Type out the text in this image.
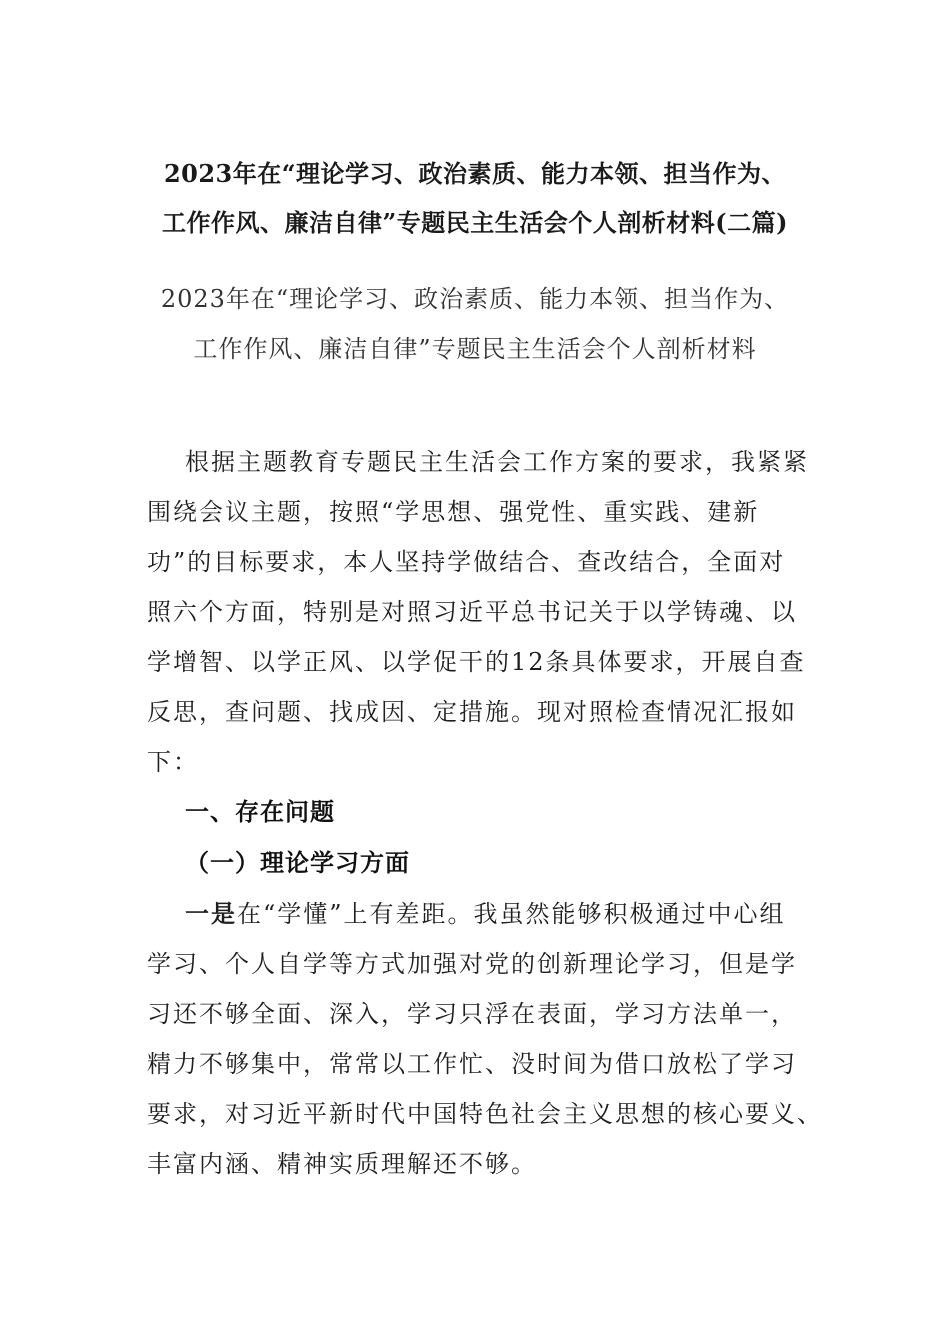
2023年在“理论学习、政治素质、能力本领、担当作为、
工作作风、廉洁自律”专题民主生活会个人剖析材料(二篇)
2023年在“理论学习、政治素质、能力本领、担当作为、
工作作风、廉洁自律”专题民主生活会个人剖析材料
根据主题教育专题民主生活会工作方案的要求，我紧紧
围绕会议主题，按照“学思想、强党性、重实践、建新
功”的目标要求，本人坚持学做结合、查改结合，全面对
照六个方面，特别是对照习近平总书记关于以学铸魂、以
学增智、以学正风、以学促干的12条具体要求，开展自查
反思，查问题、找成因、定措施。现对照检查情况汇报如
下：
一、存在问题
（一）理论学习方面
一是在“学懂”上有差距。我虽然能够积极通过中心组
学习、个人自学等方式加强对党的创新理论学习，但是学
习还不够全面、深入，学习只浮在表面，学习方法单一，
精力不够集中，常常以工作忙、没时间为借口放松了学习
要求，对习近平新时代中国特色社会主义思想的核心要义、
丰富内涵、精神实质理解还不够。
